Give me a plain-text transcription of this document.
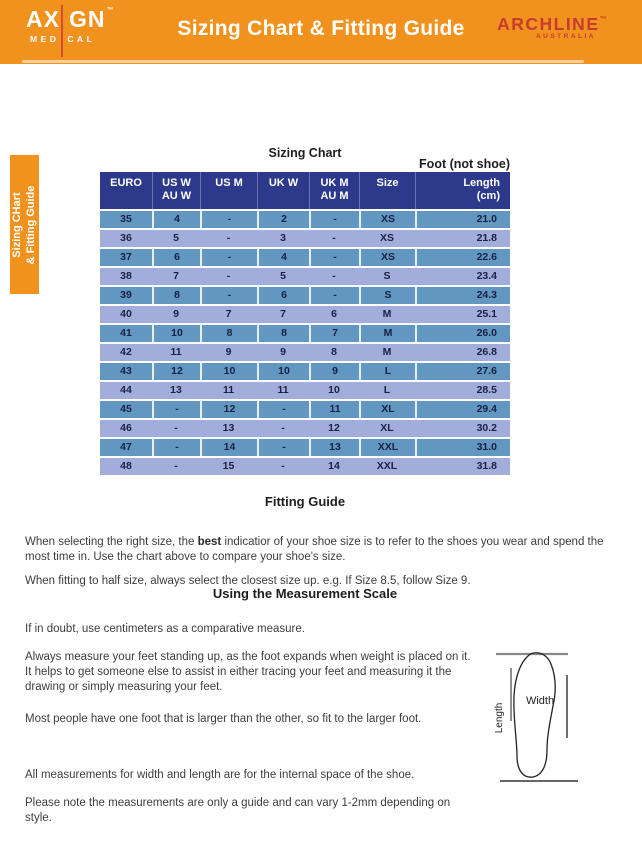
AX GN™
MED CAL	Sizing Chart & Fitting Guide	ARCHLINE™
AUSTRALIA
Sizing CHart & Fitting Guide
Sizing Chart
Foot (not shoe)
EURO	US W
AU W	US M	UK W	UK M
AU M	Size	Length
(cm)

35	4	-	2	-	XS	21.0
36	5	-	3	-	XS	21.8
37	6	-	4	-	XS	22.6
38	7	-	5	-	S	23.4
39	8	-	6	-	S	24.3
40	9	7	7	6	M	25.1
41	10	8	8	7	M	26.0
42	11	9	9	8	M	26.8
43	12	10	10	9	L	27.6
44	13	11	11	10	L	28.5
45	-	12	-	11	XL	29.4
46	-	13	-	12	XL	30.2
47	-	14	-	13	XXL	31.0
48	-	15	-	14	XXL	31.8
Fitting Guide

When selecting the right size, the best indicatior of your shoe size is to refer to the shoes you wear and spend the most time in. Use the chart above to compare your shoe's size.

When fitting to half size, always select the closest size up. e.g. If Size 8.5, follow Size 9.

Using the Measurement Scale

If in doubt, use centimeters as a comparative measure.

Always measure your feet standing up, as the foot expands when weight is placed on it. It helps to get someone else to assist in either tracing your feet and measuring it the drawing or simply measuring your feet.

Most people have one foot that is larger than the other, so fit to the larger foot.

All measurements for width and length are for the internal space of the shoe.

Please note the measurements are only a guide and can vary 1-2mm depending on style.

Width
Length
